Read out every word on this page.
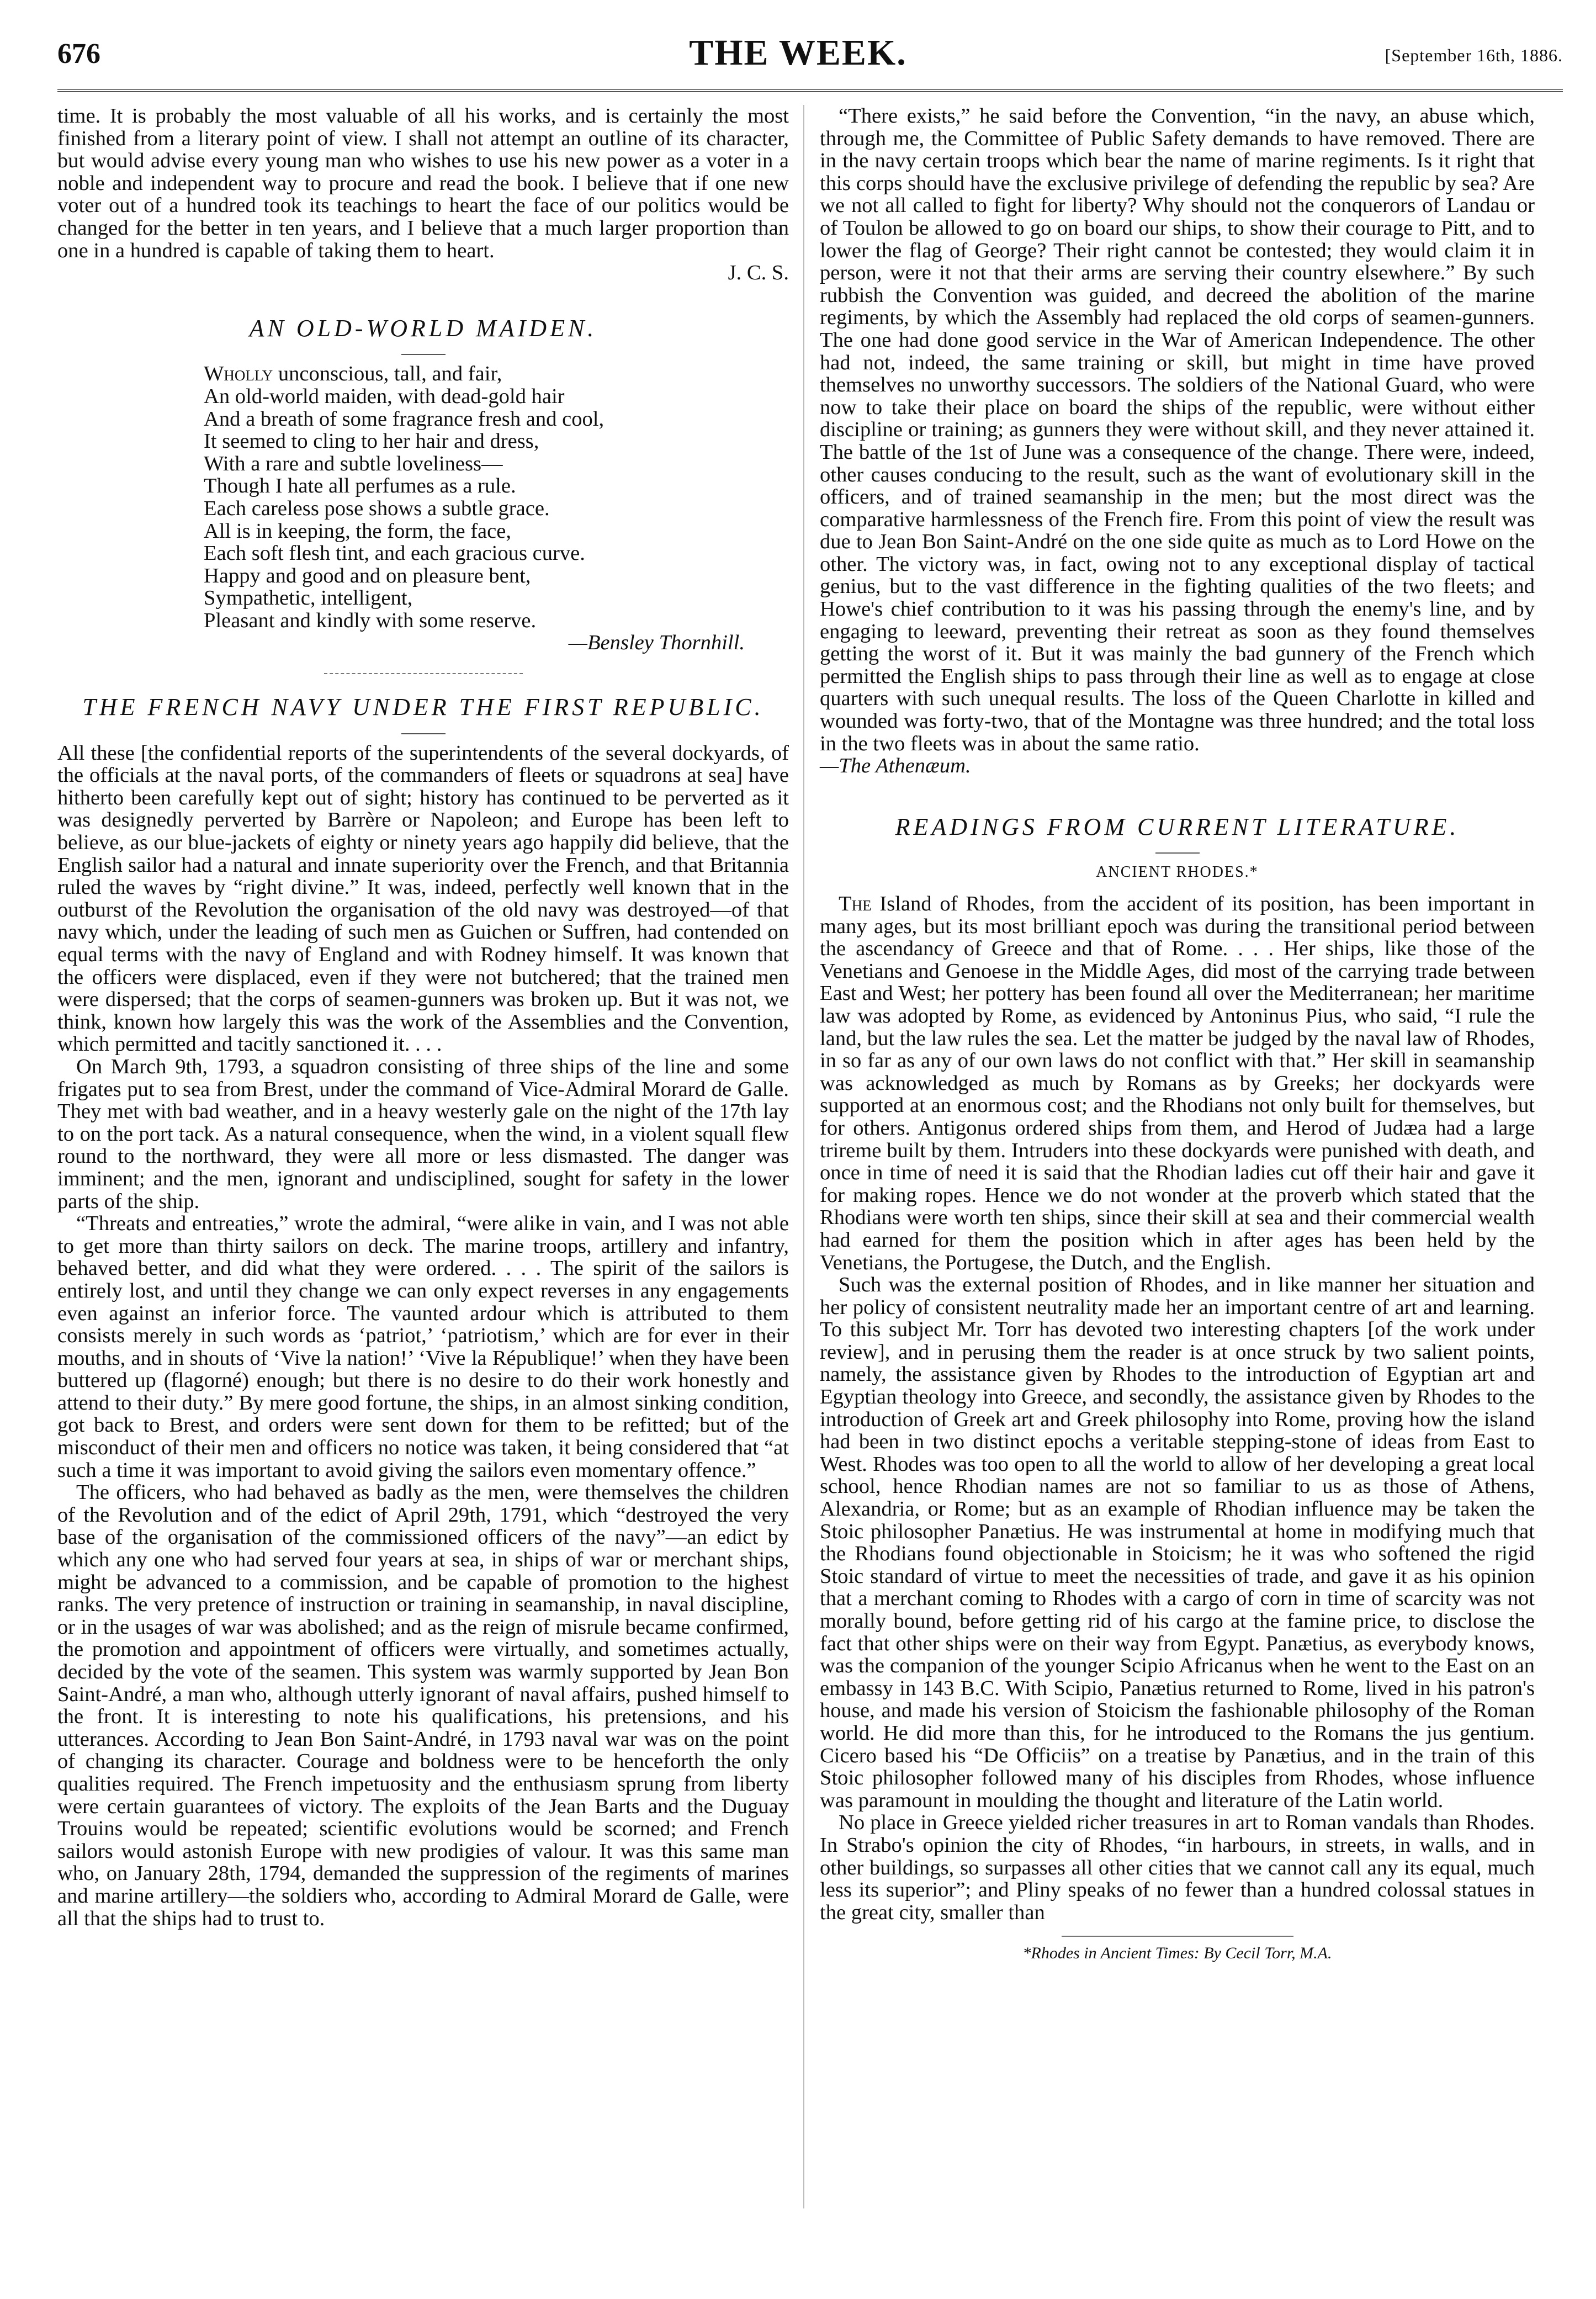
676	THE WEEK.	[September 16th, 1886.

time. It is probably the most valuable of all his works, and is certainly the most finished from a literary point of view. I shall not attempt an outline of its character, but would advise every young man who wishes to use his new power as a voter in a noble and independent way to procure and read the book. I believe that if one new voter out of a hundred took its teachings to heart the face of our politics would be changed for the better in ten years, and I believe that a much larger proportion than one in a hundred is capable of taking them to heart.

J. C. S.
AN OLD-WORLD MAIDEN.
Wholly unconscious, tall, and fair,
An old-world maiden, with dead-gold hair
And a breath of some fragrance fresh and cool,
It seemed to cling to her hair and dress,
With a rare and subtle loveliness—
Though I hate all perfumes as a rule.
Each careless pose shows a subtle grace.
All is in keeping, the form, the face,
Each soft flesh tint, and each gracious curve.
Happy and good and on pleasure bent,
Sympathetic, intelligent,
Pleasant and kindly with some reserve.
—Bensley Thornhill.
THE FRENCH NAVY UNDER THE FIRST REPUBLIC.

All these [the confidential reports of the superintendents of the several dockyards, of the officials at the naval ports, of the commanders of fleets or squadrons at sea] have hitherto been carefully kept out of sight; history has continued to be perverted as it was designedly perverted by Barrère or Napoleon; and Europe has been left to believe, as our blue-jackets of eighty or ninety years ago happily did believe, that the English sailor had a natural and innate superiority over the French, and that Britannia ruled the waves by “right divine.” It was, indeed, perfectly well known that in the outburst of the Revolution the organisation of the old navy was destroyed—of that navy which, under the leading of such men as Guichen or Suffren, had contended on equal terms with the navy of England and with Rodney himself. It was known that the officers were displaced, even if they were not butchered; that the trained men were dispersed; that the corps of seamen-gunners was broken up. But it was not, we think, known how largely this was the work of the Assemblies and the Convention, which permitted and tacitly sanctioned it. . . .

On March 9th, 1793, a squadron consisting of three ships of the line and some frigates put to sea from Brest, under the command of Vice-Admiral Morard de Galle. They met with bad weather, and in a heavy westerly gale on the night of the 17th lay to on the port tack. As a natural consequence, when the wind, in a violent squall flew round to the northward, they were all more or less dismasted. The danger was imminent; and the men, ignorant and undisciplined, sought for safety in the lower parts of the ship.

“Threats and entreaties,” wrote the admiral, “were alike in vain, and I was not able to get more than thirty sailors on deck. The marine troops, artillery and infantry, behaved better, and did what they were ordered. . . . The spirit of the sailors is entirely lost, and until they change we can only expect reverses in any engagements even against an inferior force. The vaunted ardour which is attributed to them consists merely in such words as ‘patriot,’ ‘patriotism,’ which are for ever in their mouths, and in shouts of ‘Vive la nation!’ ‘Vive la République!’ when they have been buttered up (flagorné) enough; but there is no desire to do their work honestly and attend to their duty.” By mere good fortune, the ships, in an almost sinking condition, got back to Brest, and orders were sent down for them to be refitted; but of the misconduct of their men and officers no notice was taken, it being considered that “at such a time it was important to avoid giving the sailors even momentary offence.”

The officers, who had behaved as badly as the men, were themselves the children of the Revolution and of the edict of April 29th, 1791, which “destroyed the very base of the organisation of the commissioned officers of the navy”—an edict by which any one who had served four years at sea, in ships of war or merchant ships, might be advanced to a commission, and be capable of promotion to the highest ranks. The very pretence of instruction or training in seamanship, in naval discipline, or in the usages of war was abolished; and as the reign of misrule became confirmed, the promotion and appointment of officers were virtually, and sometimes actually, decided by the vote of the seamen. This system was warmly supported by Jean Bon Saint-André, a man who, although utterly ignorant of naval affairs, pushed himself to the front. It is interesting to note his qualifications, his pretensions, and his utterances. According to Jean Bon Saint-André, in 1793 naval war was on the point of changing its character. Courage and boldness were to be henceforth the only qualities required. The French impetuosity and the enthusiasm sprung from liberty were certain guarantees of victory. The exploits of the Jean Barts and the Duguay Trouins would be repeated; scientific evolutions would be scorned; and French sailors would astonish Europe with new prodigies of valour. It was this same man who, on January 28th, 1794, demanded the suppression of the regiments of marines and marine artillery—the soldiers who, according to Admiral Morard de Galle, were all that the ships had to trust to.

“There exists,” he said before the Convention, “in the navy, an abuse which, through me, the Committee of Public Safety demands to have removed. There are in the navy certain troops which bear the name of marine regiments. Is it right that this corps should have the exclusive privilege of defending the republic by sea? Are we not all called to fight for liberty? Why should not the conquerors of Landau or of Toulon be allowed to go on board our ships, to show their courage to Pitt, and to lower the flag of George? Their right cannot be contested; they would claim it in person, were it not that their arms are serving their country elsewhere.” By such rubbish the Convention was guided, and decreed the abolition of the marine regiments, by which the Assembly had replaced the old corps of seamen-gunners. The one had done good service in the War of American Independence. The other had not, indeed, the same training or skill, but might in time have proved themselves no unworthy successors. The soldiers of the National Guard, who were now to take their place on board the ships of the republic, were without either discipline or training; as gunners they were without skill, and they never attained it. The battle of the 1st of June was a consequence of the change. There were, indeed, other causes conducing to the result, such as the want of evolutionary skill in the officers, and of trained seamanship in the men; but the most direct was the comparative harmlessness of the French fire. From this point of view the result was due to Jean Bon Saint-André on the one side quite as much as to Lord Howe on the other. The victory was, in fact, owing not to any exceptional display of tactical genius, but to the vast difference in the fighting qualities of the two fleets; and Howe's chief contribution to it was his passing through the enemy's line, and by engaging to leeward, preventing their retreat as soon as they found themselves getting the worst of it. But it was mainly the bad gunnery of the French which permitted the English ships to pass through their line as well as to engage at close quarters with such unequal results. The loss of the Queen Charlotte in killed and wounded was forty-two, that of the Montagne was three hundred; and the total loss in the two fleets was in about the same ratio.

—The Athenæum.

READINGS FROM CURRENT LITERATURE.
ANCIENT RHODES.*

The Island of Rhodes, from the accident of its position, has been important in many ages, but its most brilliant epoch was during the transitional period between the ascendancy of Greece and that of Rome. . . . Her ships, like those of the Venetians and Genoese in the Middle Ages, did most of the carrying trade between East and West; her pottery has been found all over the Mediterranean; her maritime law was adopted by Rome, as evidenced by Antoninus Pius, who said, “I rule the land, but the law rules the sea. Let the matter be judged by the naval law of Rhodes, in so far as any of our own laws do not conflict with that.” Her skill in seamanship was acknowledged as much by Romans as by Greeks; her dockyards were supported at an enormous cost; and the Rhodians not only built for themselves, but for others. Antigonus ordered ships from them, and Herod of Judæa had a large trireme built by them. Intruders into these dockyards were punished with death, and once in time of need it is said that the Rhodian ladies cut off their hair and gave it for making ropes. Hence we do not wonder at the proverb which stated that the Rhodians were worth ten ships, since their skill at sea and their commercial wealth had earned for them the position which in after ages has been held by the Venetians, the Portugese, the Dutch, and the English.

Such was the external position of Rhodes, and in like manner her situation and her policy of consistent neutrality made her an important centre of art and learning. To this subject Mr. Torr has devoted two interesting chapters [of the work under review], and in perusing them the reader is at once struck by two salient points, namely, the assistance given by Rhodes to the introduction of Egyptian art and Egyptian theology into Greece, and secondly, the assistance given by Rhodes to the introduction of Greek art and Greek philosophy into Rome, proving how the island had been in two distinct epochs a veritable stepping-stone of ideas from East to West. Rhodes was too open to all the world to allow of her developing a great local school, hence Rhodian names are not so familiar to us as those of Athens, Alexandria, or Rome; but as an example of Rhodian influence may be taken the Stoic philosopher Panætius. He was instrumental at home in modifying much that the Rhodians found objectionable in Stoicism; he it was who softened the rigid Stoic standard of virtue to meet the necessities of trade, and gave it as his opinion that a merchant coming to Rhodes with a cargo of corn in time of scarcity was not morally bound, before getting rid of his cargo at the famine price, to disclose the fact that other ships were on their way from Egypt. Panætius, as everybody knows, was the companion of the younger Scipio Africanus when he went to the East on an embassy in 143 B.C. With Scipio, Panætius returned to Rome, lived in his patron's house, and made his version of Stoicism the fashionable philosophy of the Roman world. He did more than this, for he introduced to the Romans the jus gentium. Cicero based his “De Officiis” on a treatise by Panætius, and in the train of this Stoic philosopher followed many of his disciples from Rhodes, whose influence was paramount in moulding the thought and literature of the Latin world.

No place in Greece yielded richer treasures in art to Roman vandals than Rhodes. In Strabo's opinion the city of Rhodes, “in harbours, in streets, in walls, and in other buildings, so surpasses all other cities that we cannot call any its equal, much less its superior”; and Pliny speaks of no fewer than a hundred colossal statues in the great city, smaller than

*Rhodes in Ancient Times: By Cecil Torr, M.A.
